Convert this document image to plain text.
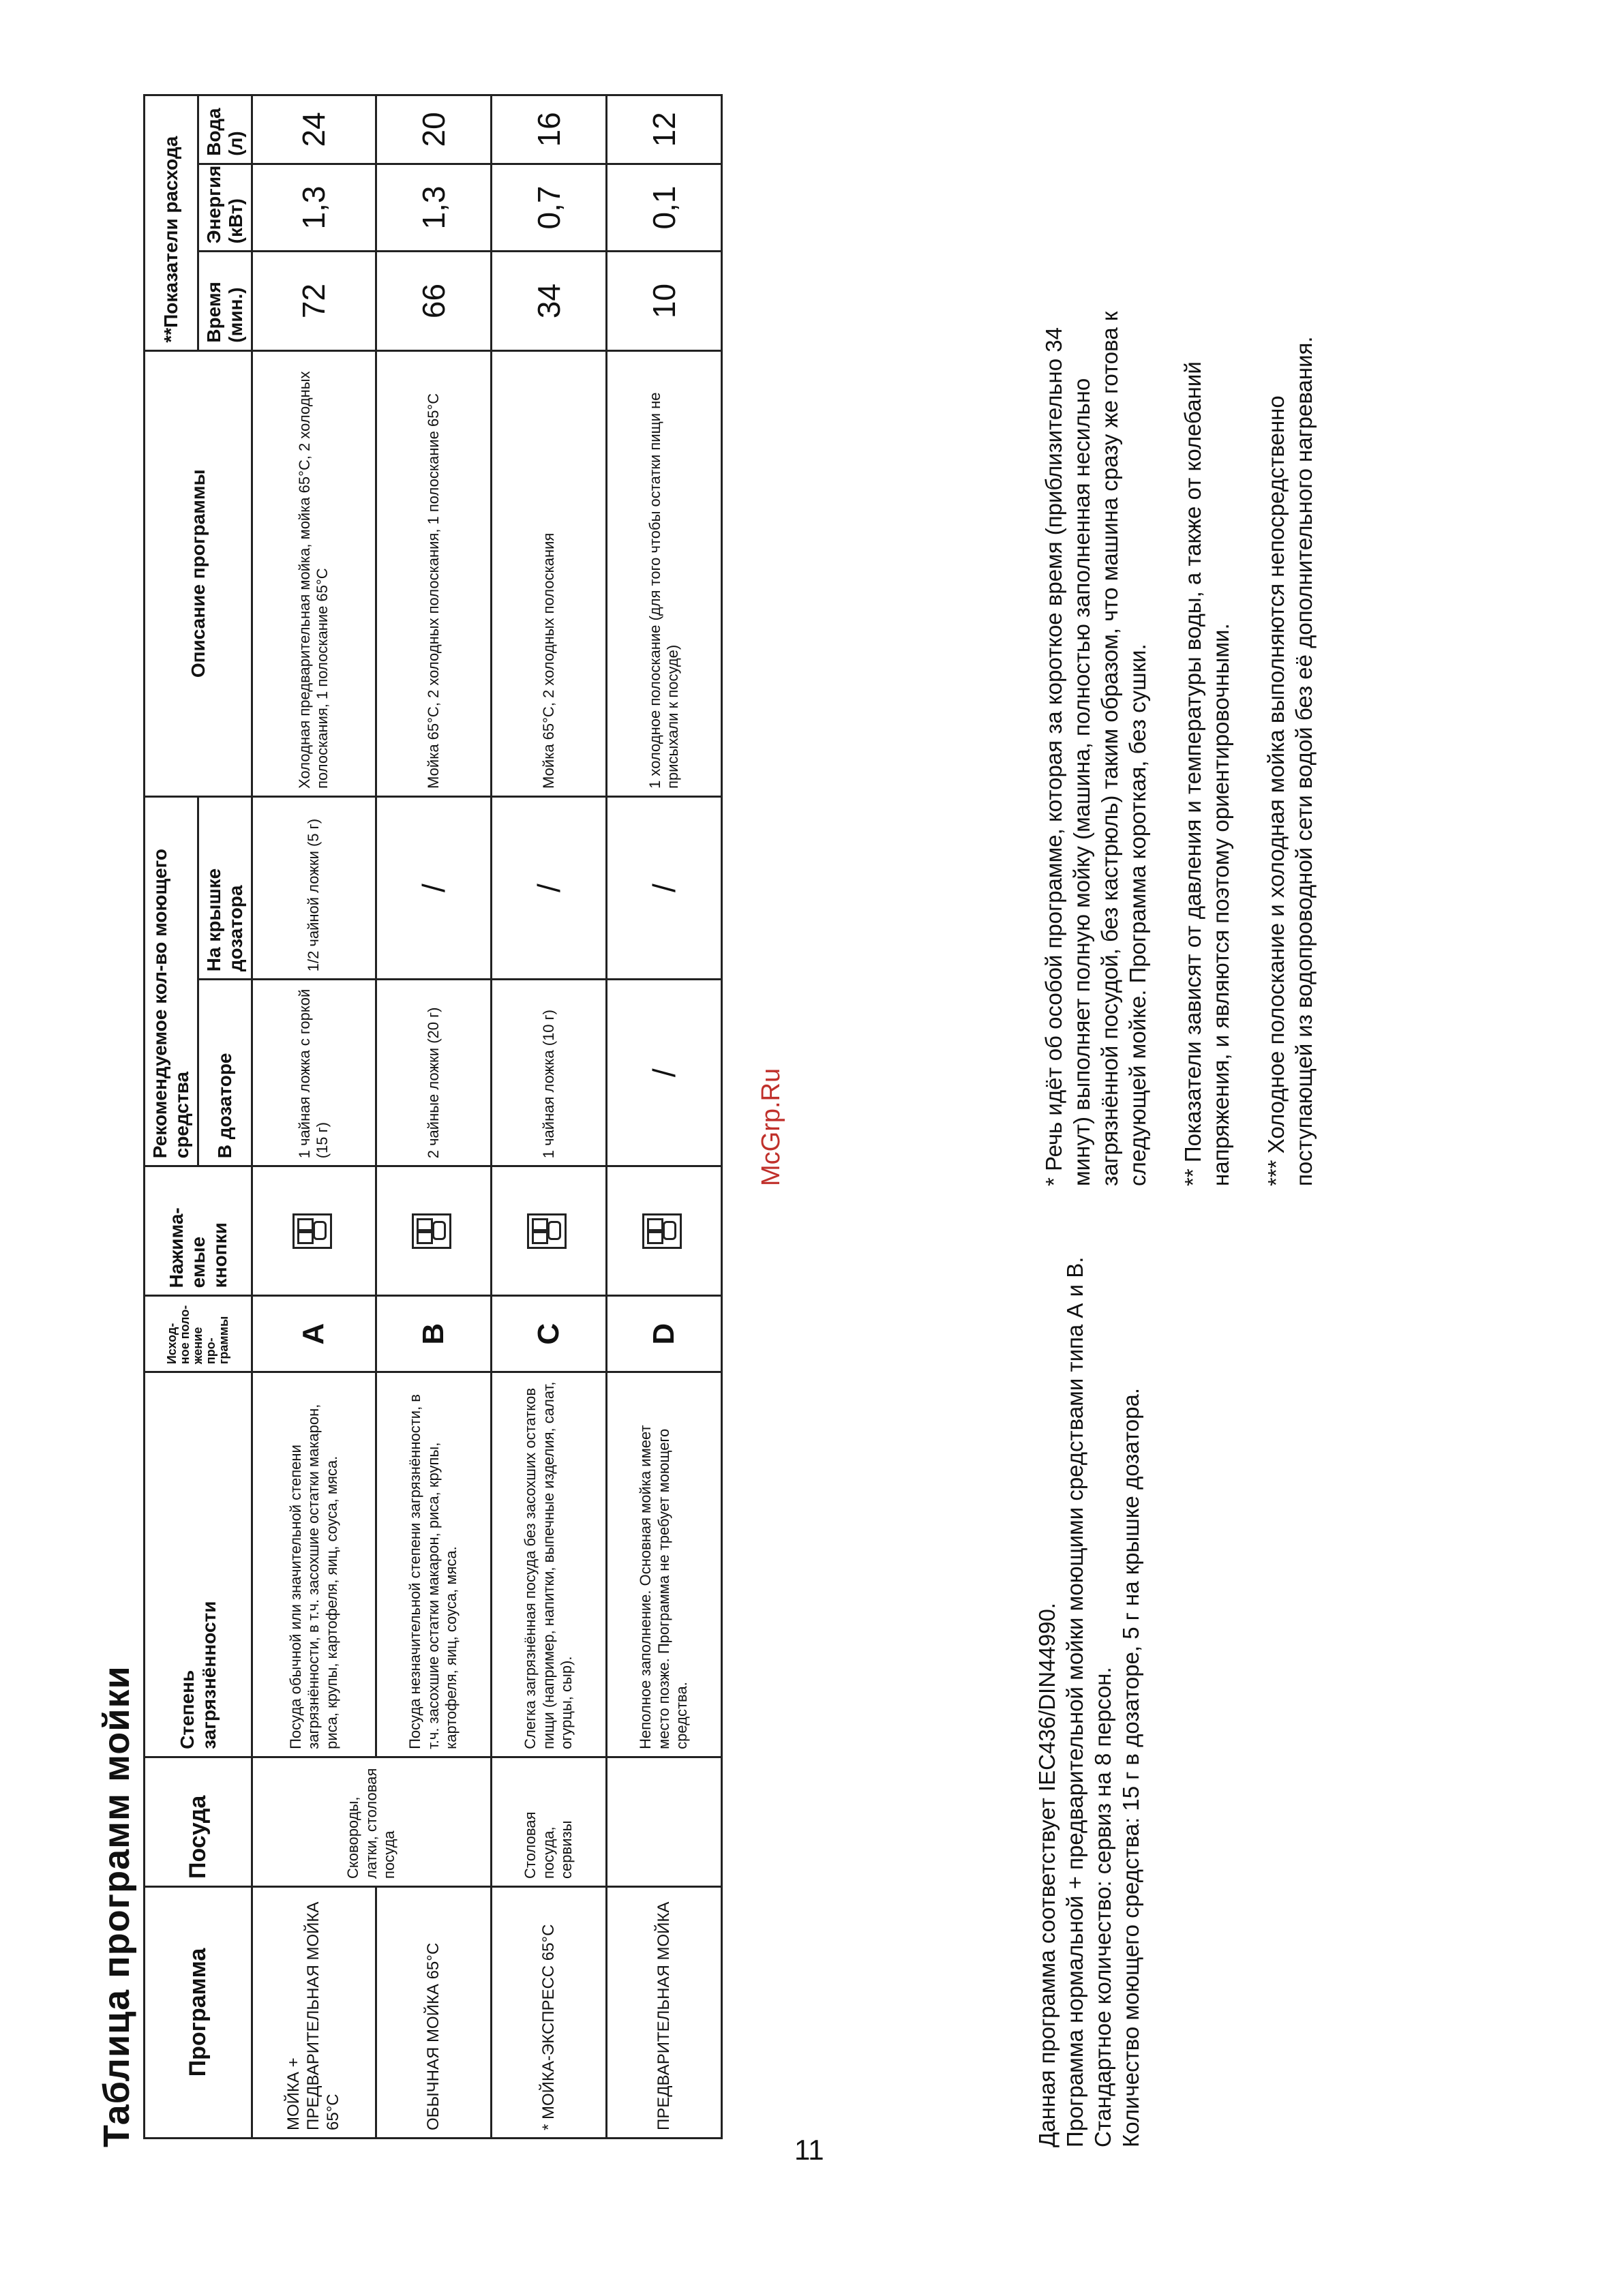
Таблица программ мойки Программа	Посуда	Степень загрязнённости	Исход-ное поло-жение про-граммы	Нажима-емые кнопки	Рекомендуемое кол-во моющего средства		Описание программы	**Показатели расхода		
					В дозаторе	На крышке дозатора		Время (мин.)	Энергия (кВт)	Вода (л)
МОЙКА + ПРЕДВАРИТЕЛЬНАЯ МОЙКА 65°С	Сковороды, латки, столовая посуда	Посуда обычной или значительной степени загрязнённости, в т.ч. засохшие остатки макарон, риса, крупы, картофеля, яиц, соуса, мяса.	A		1 чайная ложка с горкой (15 г)	1/2 чайной ложки (5 г)	Холодная предварительная мойка, мойка 65°С, 2 холодных полоскания, 1 полоскание 65°С	72	1,3	24
ОБЫЧНАЯ МОЙКА 65°С		Посуда незначительной степени загрязнённости, в т.ч. засохшие остатки макарон, риса, крупы, картофеля, яиц, соуса, мяса.	B		2 чайные ложки (20 г)	/	Мойка 65°С, 2 холодных полоскания, 1 полоскание 65°С	66	1,3	20
* МОЙКА-ЭКСПРЕСС 65°С	Столовая посуда, сервизы	Слегка загрязнённая посуда без засохших остатков пищи (например, напитки, выпечные изделия, салат, огурцы, сыр).	C		1 чайная ложка (10 г)	/	Мойка 65°С, 2 холодных полоскания	34	0,7	16
ПРЕДВАРИТЕЛЬНАЯ МОЙКА		Неполное заполнение. Основная мойка имеет место позже. Программа не требует моющего средства.	D		/	/	1 холодное полоскание (для того чтобы остатки пищи не присыхали к посуде)	10	0,1	12
McGrp.Ru

Данная программа соответствует IEC436/DIN44990. Программа нормальной + предварительной мойки моющими средствами типа А и В. Стандартное количество: сервиз на 8 персон. Количество моющего средства: 15 г в дозаторе, 5 г на крышке дозатора.

* Речь идёт об особой программе, которая за короткое время (приблизительно 34 минут) выполняет полную мойку (машина, полностью заполненная несильно загрязнённой посудой, без кастрюль) таким образом, что машина сразу же готова к следующей мойке. Программа короткая, без сушки. ** Показатели зависят от давления и температуры воды, а также от колебаний напряжения, и являются поэтому ориентировочными. *** Холодное полоскание и холодная мойка выполняются непосредственно поступающей из водопроводной сети водой без её дополнительного нагревания.

11
